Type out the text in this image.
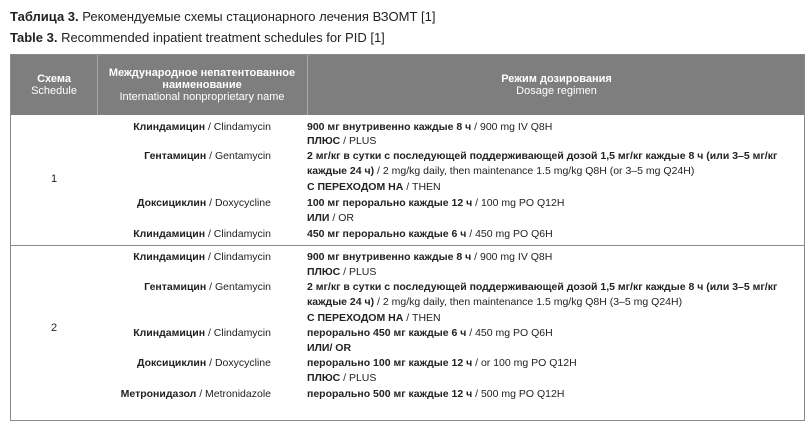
Таблица 3. Рекомендуемые схемы стационарного лечения ВЗОМТ [1]
Table 3. Recommended inpatient treatment schedules for PID [1]
Схема
Schedule
Международное непатентованное
наименование
International nonproprietary name
Режим дозирования
Dosage regimen
1
Клиндамицин / Clindamycin
Гентамицин / Gentamycin
Доксициклин / Doxycycline
Клиндамицин / Clindamycin
900 мг внутривенно каждые 8 ч / 900 mg IV Q8H
ПЛЮС / PLUS
2 мг/кг в сутки с последующей поддерживающей дозой 1,5 мг/кг каждые 8 ч (или 3–5 мг/кг
каждые 24 ч) / 2 mg/kg daily, then maintenance 1.5 mg/kg Q8H (or 3–5 mg Q24H)
С ПЕРЕХОДОМ НА / THEN
100 мг перорально каждые 12 ч / 100 mg PO Q12H
ИЛИ / OR
450 мг перорально каждые 6 ч / 450 mg PO Q6H
2
Клиндамицин / Clindamycin
Гентамицин / Gentamycin
Клиндамицин / Clindamycin
Доксициклин / Doxycycline
Метронидазол / Metronidazole
900 мг внутривенно каждые 8 ч / 900 mg IV Q8H
ПЛЮС / PLUS
2 мг/кг в сутки с последующей поддерживающей дозой 1,5 мг/кг каждые 8 ч (или 3–5 мг/кг
каждые 24 ч) / 2 mg/kg daily, then maintenance 1.5 mg/kg Q8H (3–5 mg Q24H)
С ПЕРЕХОДОМ НА / THEN
перорально 450 мг каждые 6 ч / 450 mg PO Q6H
ИЛИ/ OR
перорально 100 мг каждые 12 ч / or 100 mg PO Q12H
ПЛЮС / PLUS
перорально 500 мг каждые 12 ч / 500 mg PO Q12H
